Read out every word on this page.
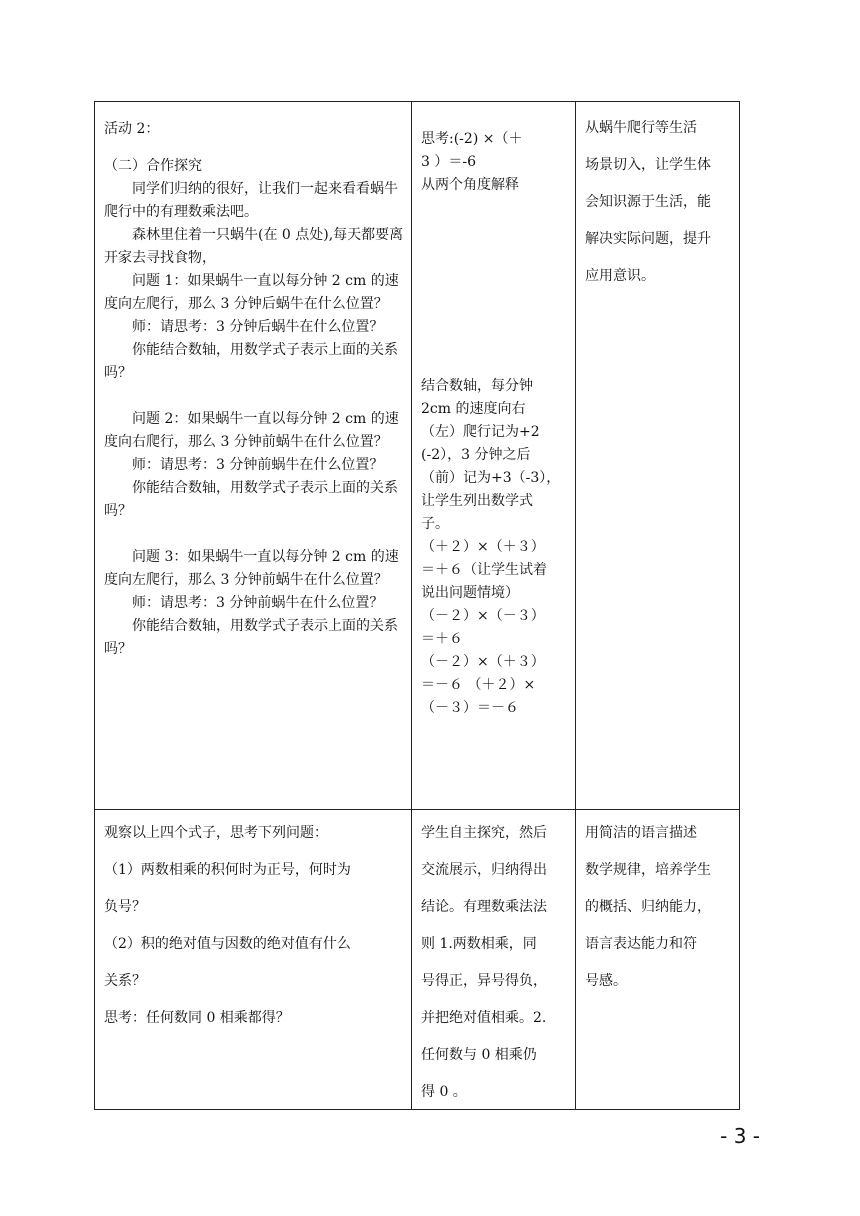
活动 2：

（二）合作探究

同学们归纳的很好，让我们一起来看看蜗牛爬行中的有理数乘法吧。

森林里住着一只蜗牛(在 0 点处),每天都要离开家去寻找食物，

问题 1：如果蜗牛一直以每分钟 2 cm 的速度向左爬行，那么 3 分钟后蜗牛在什么位置？

师：请思考：3 分钟后蜗牛在什么位置？

你能结合数轴，用数学式子表示上面的关系吗？

问题 2：如果蜗牛一直以每分钟 2 cm 的速度向右爬行，那么 3 分钟前蜗牛在什么位置？

师：请思考：3 分钟前蜗牛在什么位置？

你能结合数轴，用数学式子表示上面的关系吗？

问题 3：如果蜗牛一直以每分钟 2 cm 的速度向左爬行，那么 3 分钟前蜗牛在什么位置？

师：请思考：3 分钟前蜗牛在什么位置？

你能结合数轴，用数学式子表示上面的关系吗？

思考:(-2) ×（＋

3 ）＝-6

从两个角度解释

结合数轴，每分钟

2cm 的速度向右

（左）爬行记为+2

(-2），3 分钟之后

（前）记为+3（-3），

让学生列出数学式

子。

（＋２）×（＋３）

＝＋６（让学生试着

说出问题情境）

（－２）×（－３）

＝＋６

（－２）×（＋３）

＝－６ （＋２）×

（－３）＝－６

从蜗牛爬行等生活

场景切入，让学生体

会知识源于生活，能

解决实际问题，提升

应用意识。

观察以上四个式子，思考下列问题：

（1）两数相乘的积何时为正号，何时为

负号？

（2）积的绝对值与因数的绝对值有什么

关系？

思考：任何数同 0 相乘都得？

学生自主探究，然后

交流展示，归纳得出

结论。有理数乘法法

则 1.两数相乘，同

号得正，异号得负，

并把绝对值相乘。2.

任何数与 0 相乘仍

得 0 。

用简洁的语言描述

数学规律，培养学生

的概括、归纳能力，

语言表达能力和符

号感。

- 3 -
